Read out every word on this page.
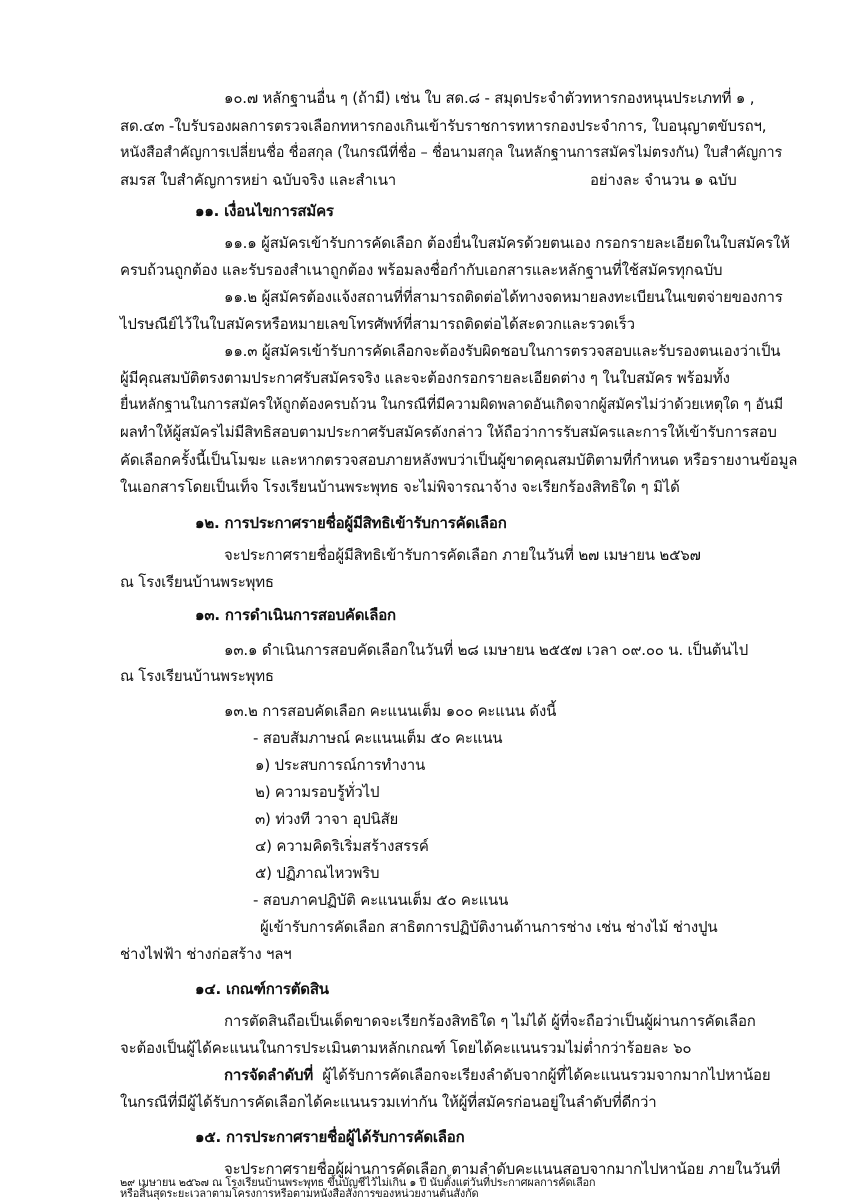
๑๐.๗ หลักฐานอื่น ๆ (ถ้ามี) เช่น ใบ สด.๘ - สมุดประจำตัวทหารกองหนุนประเภทที่ ๑ ,
สด.๔๓ -ใบรับรองผลการตรวจเลือกทหารกองเกินเข้ารับราชการทหารกองประจำการ, ใบอนุญาตขับรถฯ,
หนังสือสำคัญการเปลี่ยนชื่อ ชื่อสกุล (ในกรณีที่ชื่อ – ชื่อนามสกุล ในหลักฐานการสมัครไม่ตรงกัน) ใบสำคัญการ
สมรส ใบสำคัญการหย่า ฉบับจริง และสำเนา	อย่างละ จำนวน ๑ ฉบับ
๑๑. เงื่อนไขการสมัคร
๑๑.๑ ผู้สมัครเข้ารับการคัดเลือก ต้องยื่นใบสมัครด้วยตนเอง กรอกรายละเอียดในใบสมัครให้
ครบถ้วนถูกต้อง และรับรองสำเนาถูกต้อง พร้อมลงชื่อกำกับเอกสารและหลักฐานที่ใช้สมัครทุกฉบับ
๑๑.๒ ผู้สมัครต้องแจ้งสถานที่ที่สามารถติดต่อได้ทางจดหมายลงทะเบียนในเขตจ่ายของการ
ไปรษณีย์ไว้ในใบสมัครหรือหมายเลขโทรศัพท์ที่สามารถติดต่อได้สะดวกและรวดเร็ว
๑๑.๓ ผู้สมัครเข้ารับการคัดเลือกจะต้องรับผิดชอบในการตรวจสอบและรับรองตนเองว่าเป็น
ผู้มีคุณสมบัติตรงตามประกาศรับสมัครจริง และจะต้องกรอกรายละเอียดต่าง ๆ ในใบสมัคร พร้อมทั้ง
ยื่นหลักฐานในการสมัครให้ถูกต้องครบถ้วน ในกรณีที่มีความผิดพลาดอันเกิดจากผู้สมัครไม่ว่าด้วยเหตุใด ๆ อันมี
ผลทำให้ผู้สมัครไม่มีสิทธิสอบตามประกาศรับสมัครดังกล่าว ให้ถือว่าการรับสมัครและการให้เข้ารับการสอบ
คัดเลือกครั้งนี้เป็นโมฆะ และหากตรวจสอบภายหลังพบว่าเป็นผู้ขาดคุณสมบัติตามที่กำหนด หรือรายงานข้อมูล
ในเอกสารโดยเป็นเท็จ โรงเรียนบ้านพระพุทธ จะไม่พิจารณาจ้าง จะเรียกร้องสิทธิใด ๆ มิได้
๑๒. การประกาศรายชื่อผู้มีสิทธิเข้ารับการคัดเลือก
จะประกาศรายชื่อผู้มีสิทธิเข้ารับการคัดเลือก ภายในวันที่ ๒๗ เมษายน ๒๕๖๗
ณ โรงเรียนบ้านพระพุทธ
๑๓. การดำเนินการสอบคัดเลือก
๑๓.๑ ดำเนินการสอบคัดเลือกในวันที่ ๒๘ เมษายน ๒๕๕๗ เวลา ๐๙.๐๐ น. เป็นต้นไป
ณ โรงเรียนบ้านพระพุทธ
๑๓.๒ การสอบคัดเลือก คะแนนเต็ม ๑๐๐ คะแนน ดังนี้
- สอบสัมภาษณ์ คะแนนเต็ม ๕๐ คะแนน
๑) ประสบการณ์การทำงาน
๒) ความรอบรู้ทั่วไป
๓) ท่วงที วาจา อุปนิสัย
๔) ความคิดริเริ่มสร้างสรรค์
๕) ปฏิภาณไหวพริบ
- สอบภาคปฏิบัติ คะแนนเต็ม ๕๐ คะแนน
ผู้เข้ารับการคัดเลือก สาธิตการปฏิบัติงานด้านการช่าง เช่น ช่างไม้ ช่างปูน
ช่างไฟฟ้า ช่างก่อสร้าง ฯลฯ
๑๔. เกณฑ์การตัดสิน
การตัดสินถือเป็นเด็ดขาดจะเรียกร้องสิทธิใด ๆ ไม่ได้ ผู้ที่จะถือว่าเป็นผู้ผ่านการคัดเลือก
จะต้องเป็นผู้ได้คะแนนในการประเมินตามหลักเกณฑ์ โดยได้คะแนนรวมไม่ต่ำกว่าร้อยละ ๖๐
การจัดลำดับที่ ผู้ได้รับการคัดเลือกจะเรียงลำดับจากผู้ที่ได้คะแนนรวมจากมากไปหาน้อย
ในกรณีที่มีผู้ได้รับการคัดเลือกได้คะแนนรวมเท่ากัน ให้ผู้ที่สมัครก่อนอยู่ในลำดับที่ดีกว่า
๑๕. การประกาศรายชื่อผู้ได้รับการคัดเลือก
จะประกาศรายชื่อผู้ผ่านการคัดเลือก ตามลำดับคะแนนสอบจากมากไปหาน้อย ภายในวันที่
๒๙ เมษายน ๒๕๖๗ ณ โรงเรียนบ้านพระพุทธ ขึ้นบัญชีไว้ไม่เกิน ๑ ปี นับตั้งแต่วันที่ประกาศผลการคัดเลือก
หรือสิ้นสุดระยะเวลาตามโครงการหรือตามหนังสือสั่งการของหน่วยงานต้นสังกัด
